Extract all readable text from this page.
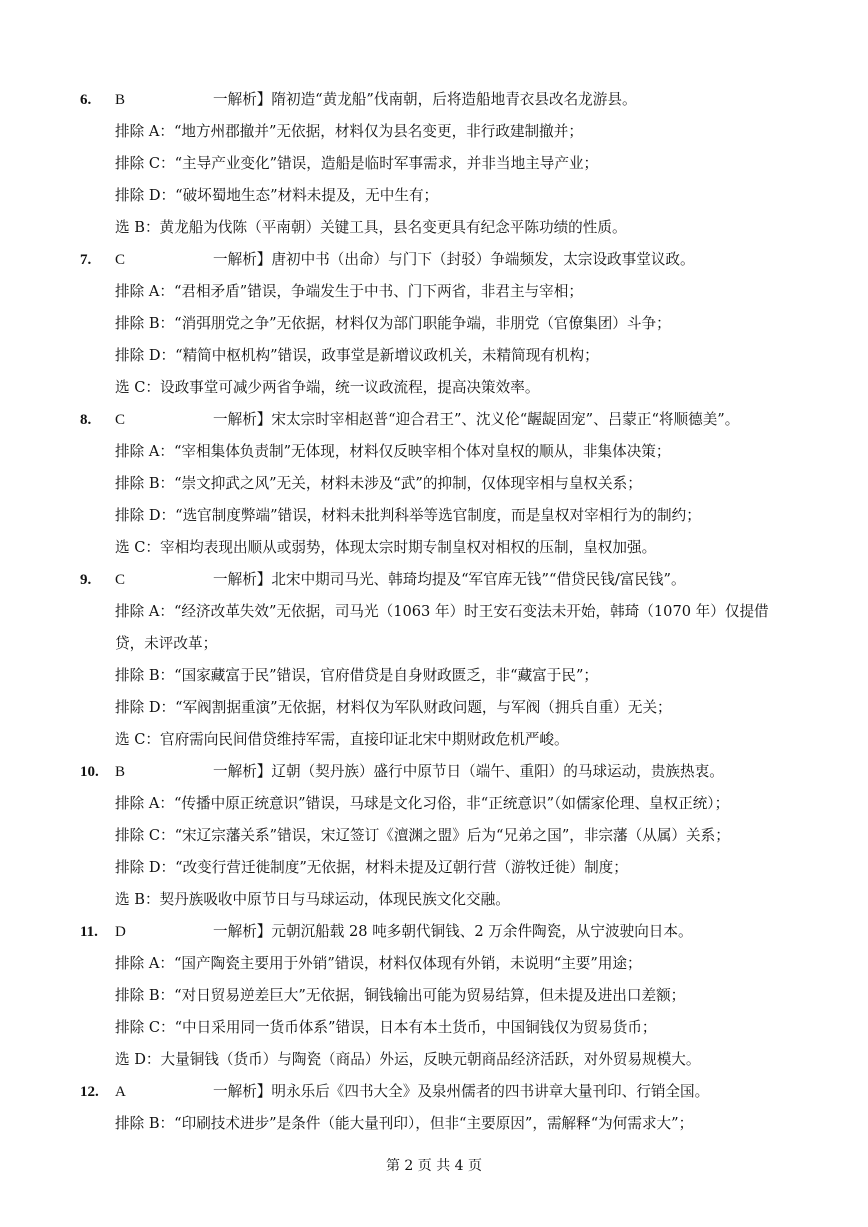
6. B	一解析】隋初造“黄龙船”伐南朝，后将造船地青衣县改名龙游县。
排除 A：“地方州郡撤并”无依据，材料仅为县名变更，非行政建制撤并；
排除 C：“主导产业变化”错误，造船是临时军事需求，并非当地主导产业；
排除 D：“破坏蜀地生态”材料未提及，无中生有；
选 B：黄龙船为伐陈（平南朝）关键工具，县名变更具有纪念平陈功绩的性质。
7. C	一解析】唐初中书（出命）与门下（封驳）争端频发，太宗设政事堂议政。
排除 A：“君相矛盾”错误，争端发生于中书、门下两省，非君主与宰相；
排除 B：“消弭朋党之争”无依据，材料仅为部门职能争端，非朋党（官僚集团）斗争；
排除 D：“精简中枢机构”错误，政事堂是新增议政机关，未精简现有机构；
选 C：设政事堂可减少两省争端，统一议政流程，提高决策效率。
8. C	一解析】宋太宗时宰相赵普“迎合君王”、沈义伦“龌龊固宠”、吕蒙正“将顺德美”。
排除 A：“宰相集体负责制”无体现，材料仅反映宰相个体对皇权的顺从，非集体决策；
排除 B：“崇文抑武之风”无关，材料未涉及“武”的抑制，仅体现宰相与皇权关系；
排除 D：“选官制度弊端”错误，材料未批判科举等选官制度，而是皇权对宰相行为的制约；
选 C：宰相均表现出顺从或弱势，体现太宗时期专制皇权对相权的压制，皇权加强。
9. C	一解析】北宋中期司马光、韩琦均提及“军官库无钱”“借贷民钱/富民钱”。
排除 A：“经济改革失效”无依据，司马光（1063 年）时王安石变法未开始，韩琦（1070 年）仅提借
贷，未评改革；
排除 B：“国家藏富于民”错误，官府借贷是自身财政匮乏，非“藏富于民”；
排除 D：“军阀割据重演”无依据，材料仅为军队财政问题，与军阀（拥兵自重）无关；
选 C：官府需向民间借贷维持军需，直接印证北宋中期财政危机严峻。
10. B	一解析】辽朝（契丹族）盛行中原节日（端午、重阳）的马球运动，贵族热衷。
排除 A：“传播中原正统意识”错误，马球是文化习俗，非“正统意识”（如儒家伦理、皇权正统）；
排除 C：“宋辽宗藩关系”错误，宋辽签订《澶渊之盟》后为“兄弟之国”，非宗藩（从属）关系；
排除 D：“改变行营迁徙制度”无依据，材料未提及辽朝行营（游牧迁徙）制度；
选 B：契丹族吸收中原节日与马球运动，体现民族文化交融。
11. D	一解析】元朝沉船载 28 吨多朝代铜钱、2 万余件陶瓷，从宁波驶向日本。
排除 A：“国产陶瓷主要用于外销”错误，材料仅体现有外销，未说明“主要”用途；
排除 B：“对日贸易逆差巨大”无依据，铜钱输出可能为贸易结算，但未提及进出口差额；
排除 C：“中日采用同一货币体系”错误，日本有本土货币，中国铜钱仅为贸易货币；
选 D：大量铜钱（货币）与陶瓷（商品）外运，反映元朝商品经济活跃，对外贸易规模大。
12. A	一解析】明永乐后《四书大全》及泉州儒者的四书讲章大量刊印、行销全国。
排除 B：“印刷技术进步”是条件（能大量刊印），但非“主要原因”，需解释“为何需求大”；
第 2 页 共 4 页
